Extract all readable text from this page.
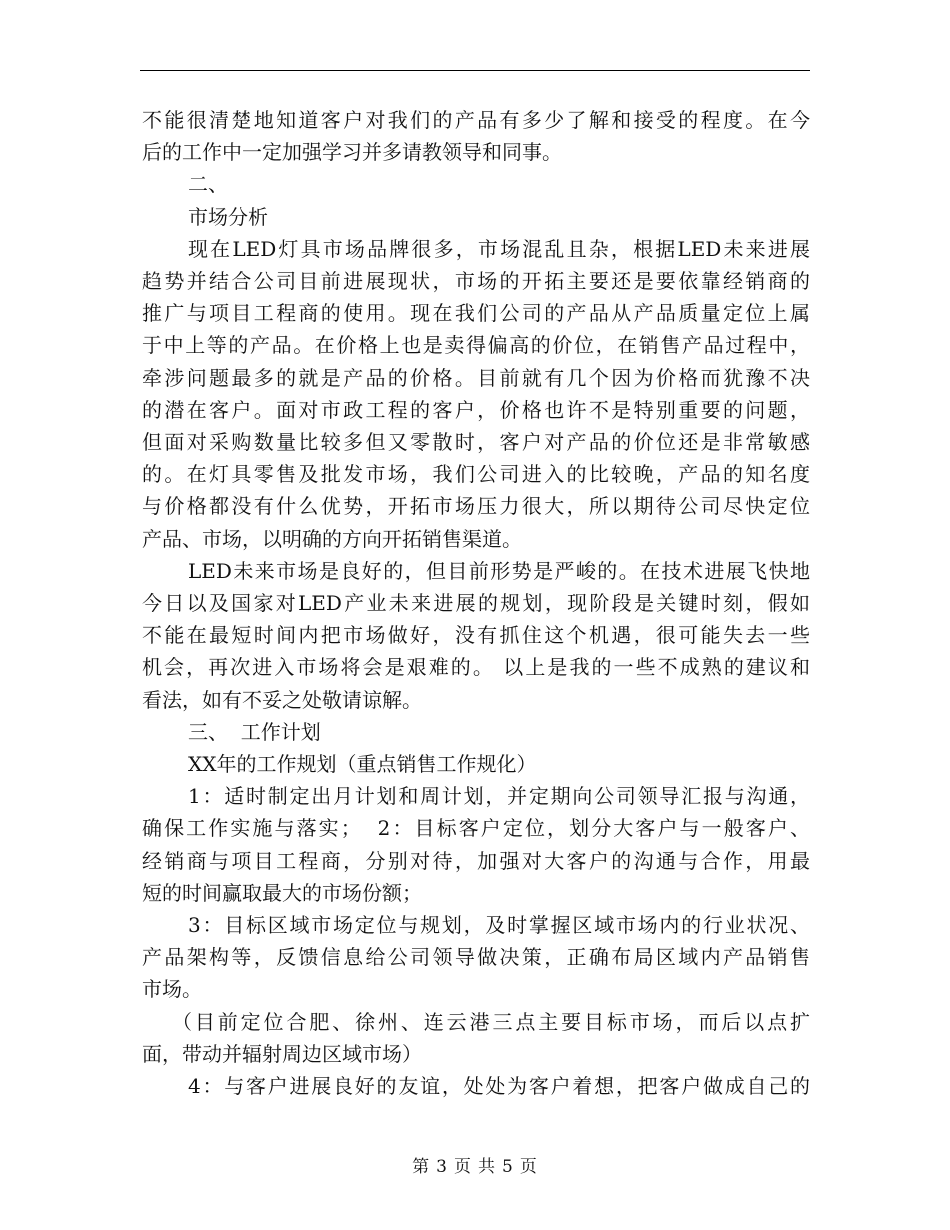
不能很清楚地知道客户对我们的产品有多少了解和接受的程度。在今

后的工作中一定加强学习并多请教领导和同事。

二、

市场分析

现在LED灯具市场品牌很多，市场混乱且杂，根据LED未来进展

趋势并结合公司目前进展现状，市场的开拓主要还是要依靠经销商的

推广与项目工程商的使用。现在我们公司的产品从产品质量定位上属

于中上等的产品。在价格上也是卖得偏高的价位，在销售产品过程中，

牵涉问题最多的就是产品的价格。目前就有几个因为价格而犹豫不决

的潜在客户。面对市政工程的客户，价格也许不是特别重要的问题，

但面对采购数量比较多但又零散时，客户对产品的价位还是非常敏感

的。在灯具零售及批发市场，我们公司进入的比较晚，产品的知名度

与价格都没有什么优势，开拓市场压力很大，所以期待公司尽快定位

产品、市场，以明确的方向开拓销售渠道。

LED未来市场是良好的，但目前形势是严峻的。在技术进展飞快地

今日以及国家对LED产业未来进展的规划，现阶段是关键时刻，假如

不能在最短时间内把市场做好，没有抓住这个机遇，很可能失去一些

机会，再次进入市场将会是艰难的。 以上是我的一些不成熟的建议和

看法，如有不妥之处敬请谅解。

三、  工作计划

XX年的工作规划（重点销售工作规化）

1：适时制定出月计划和周计划，并定期向公司领导汇报与沟通，

确保工作实施与落实；  2：目标客户定位，划分大客户与一般客户、

经销商与项目工程商，分别对待，加强对大客户的沟通与合作，用最

短的时间赢取最大的市场份额；

3：目标区域市场定位与规划，及时掌握区域市场内的行业状况、

产品架构等，反馈信息给公司领导做决策，正确布局区域内产品销售

市场。

（目前定位合肥、徐州、连云港三点主要目标市场，而后以点扩

面，带动并辐射周边区域市场）

4：与客户进展良好的友谊，处处为客户着想，把客户做成自己的

第 3 页 共 5 页
